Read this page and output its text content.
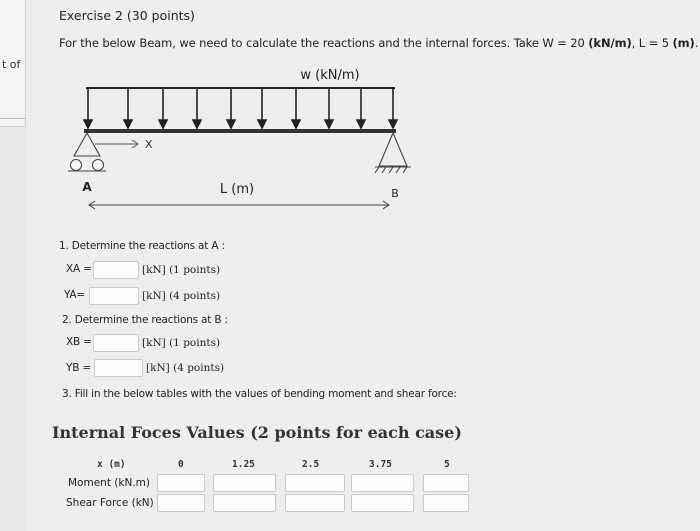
t of
Exercise 2 (30 points)
For the below Beam, we need to calculate the reactions and the internal forces. Take W = 20 (kN/m), L = 5 (m).
w (kN/m)
X
A	B
L (m)
1. Determine the reactions at A :
XA =	[kN] (1 points)
YA=	[kN] (4 points)
2. Determine the reactions at B :
XB =	[kN] (1 points)
YB =	[kN] (4 points)
3. Fill in the below tables with the values of bending moment and shear force:
Internal Foces Values (2 points for each case)
x (m)	0	1.25	2.5	3.75	5
Moment (kN.m)
Shear Force (kN)
